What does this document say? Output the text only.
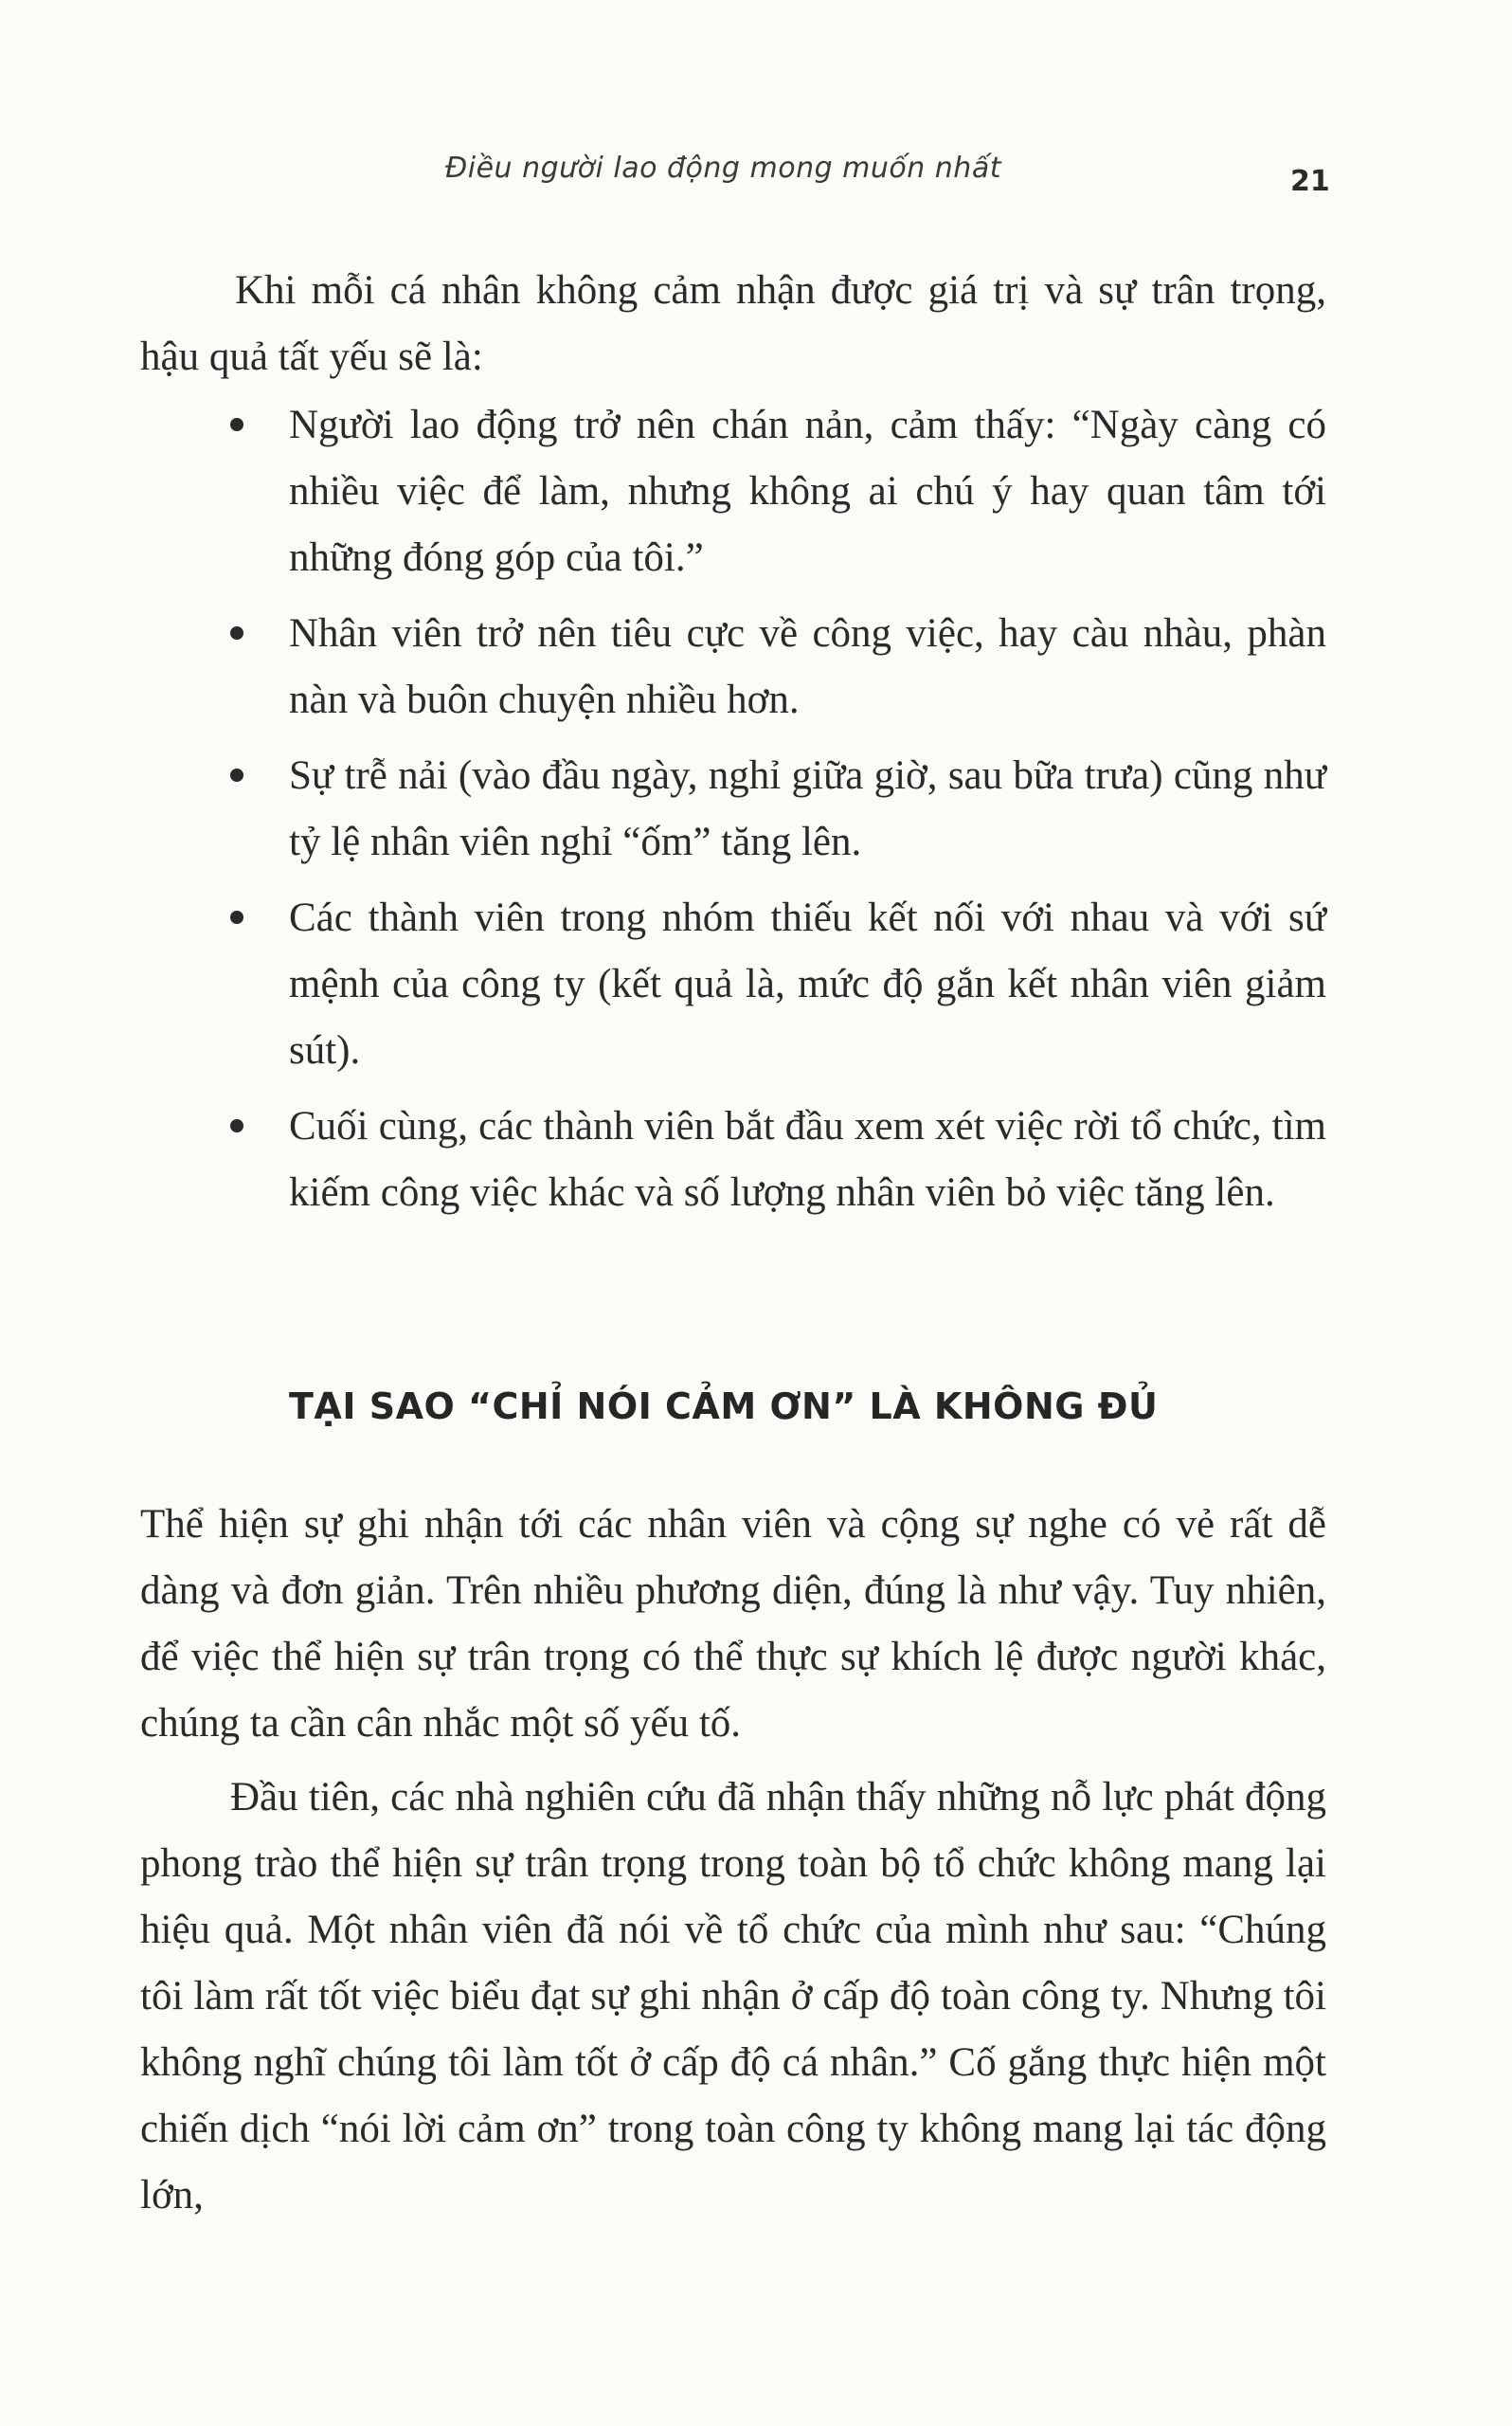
Điều người lao động mong muốn nhất	21

Khi mỗi cá nhân không cảm nhận được giá trị và sự trân trọng, hậu quả tất yếu sẽ là:

Người lao động trở nên chán nản, cảm thấy: “Ngày càng có nhiều việc để làm, nhưng không ai chú ý hay quan tâm tới những đóng góp của tôi.”
Nhân viên trở nên tiêu cực về công việc, hay càu nhàu, phàn nàn và buôn chuyện nhiều hơn.
Sự trễ nải (vào đầu ngày, nghỉ giữa giờ, sau bữa trưa) cũng như tỷ lệ nhân viên nghỉ “ốm” tăng lên.
Các thành viên trong nhóm thiếu kết nối với nhau và với sứ mệnh của công ty (kết quả là, mức độ gắn kết nhân viên giảm sút).
Cuối cùng, các thành viên bắt đầu xem xét việc rời tổ chức, tìm kiếm công việc khác và số lượng nhân viên bỏ việc tăng lên.
TẠI SAO “CHỈ NÓI CẢM ƠN” LÀ KHÔNG ĐỦ

Thể hiện sự ghi nhận tới các nhân viên và cộng sự nghe có vẻ rất dễ dàng và đơn giản. Trên nhiều phương diện, đúng là như vậy. Tuy nhiên, để việc thể hiện sự trân trọng có thể thực sự khích lệ được người khác, chúng ta cần cân nhắc một số yếu tố.

Đầu tiên, các nhà nghiên cứu đã nhận thấy những nỗ lực phát động phong trào thể hiện sự trân trọng trong toàn bộ tổ chức không mang lại hiệu quả. Một nhân viên đã nói về tổ chức của mình như sau: “Chúng tôi làm rất tốt việc biểu đạt sự ghi nhận ở cấp độ toàn công ty. Nhưng tôi không nghĩ chúng tôi làm tốt ở cấp độ cá nhân.” Cố gắng thực hiện một chiến dịch “nói lời cảm ơn” trong toàn công ty không mang lại tác động lớn,
